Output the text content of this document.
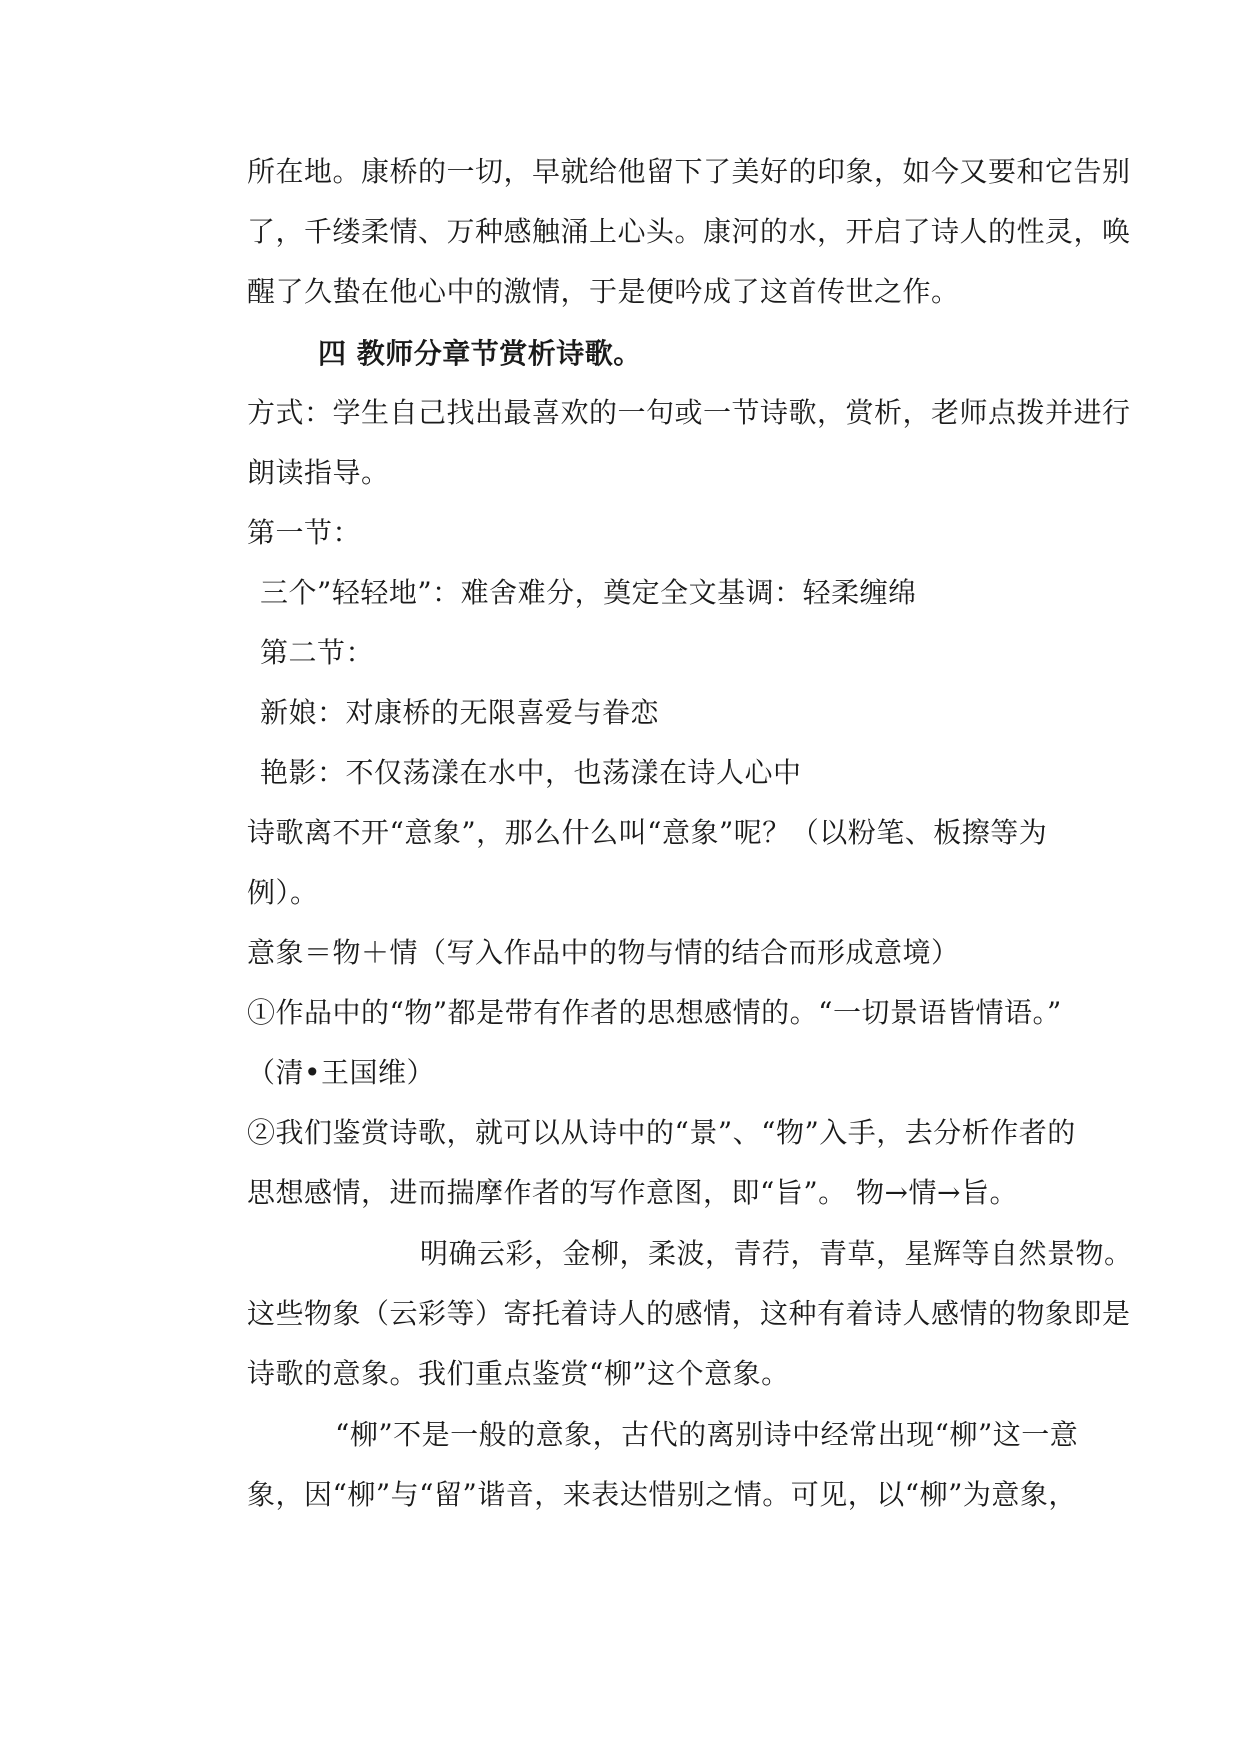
所在地。康桥的一切，早就给他留下了美好的印象，如今又要和它告别
了，千缕柔情、万种感触涌上心头。康河的水，开启了诗人的性灵，唤
醒了久蛰在他心中的激情，于是便吟成了这首传世之作。
四 教师分章节赏析诗歌。
方式：学生自己找出最喜欢的一句或一节诗歌，赏析，老师点拨并进行
朗读指导。
第一节：
三个”轻轻地”：难舍难分，奠定全文基调：轻柔缠绵
第二节：
新娘：对康桥的无限喜爱与眷恋
艳影：不仅荡漾在水中，也荡漾在诗人心中
诗歌离不开“意象”，那么什么叫“意象”呢？（以粉笔、板擦等为
例）。
意象＝物＋情（写入作品中的物与情的结合而形成意境）
①作品中的“物”都是带有作者的思想感情的。“一切景语皆情语。”
（清•王国维）
②我们鉴赏诗歌，就可以从诗中的“景”、“物”入手，去分析作者的
思想感情，进而揣摩作者的写作意图，即“旨”。 物→情→旨。
明确云彩，金柳，柔波，青荇，青草，星辉等自然景物。
这些物象（云彩等）寄托着诗人的感情，这种有着诗人感情的物象即是
诗歌的意象。我们重点鉴赏“柳”这个意象。
“柳”不是一般的意象，古代的离别诗中经常出现“柳”这一意
象，因“柳”与“留”谐音，来表达惜别之情。可见，以“柳”为意象，
